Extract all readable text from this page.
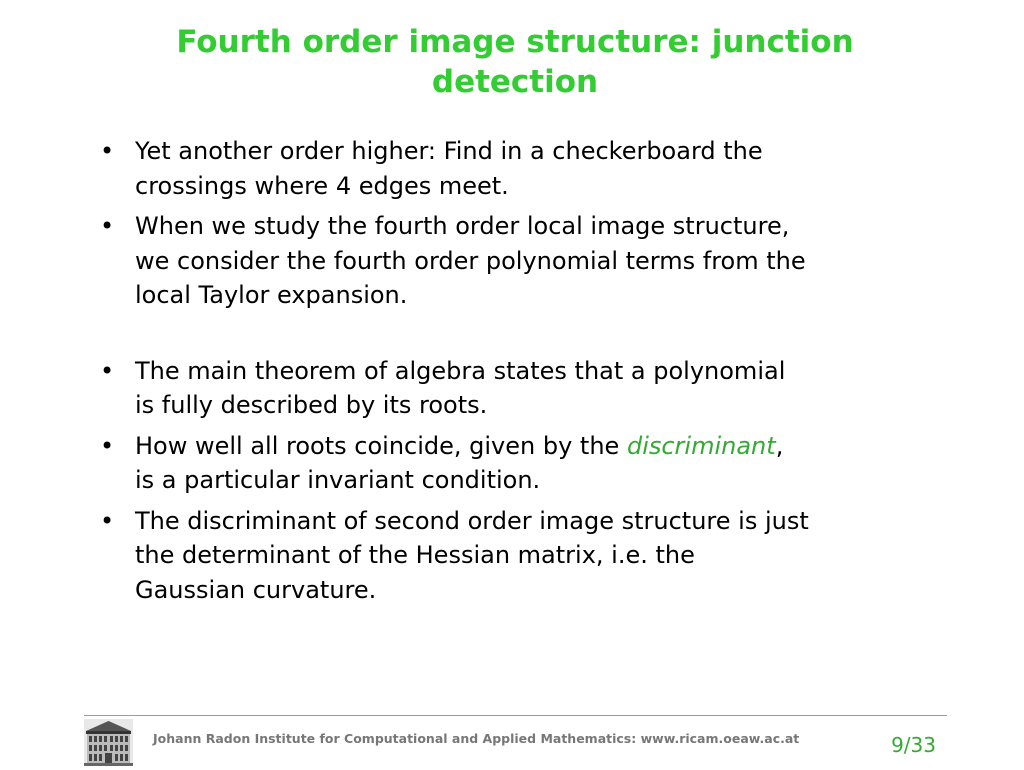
Fourth order image structure: junction
detection
• Yet another order higher: Find in a checkerboard the
crossings where 4 edges meet.
• When we study the fourth order local image structure,
we consider the fourth order polynomial terms from the
local Taylor expansion.
• The main theorem of algebra states that a polynomial
is fully described by its roots.
• How well all roots coincide, given by the discriminant,
is a particular invariant condition.
• The discriminant of second order image structure is just
the determinant of the Hessian matrix, i.e. the
Gaussian curvature.
Johann Radon Institute for Computational and Applied Mathematics: www.ricam.oeaw.ac.at	9/33
